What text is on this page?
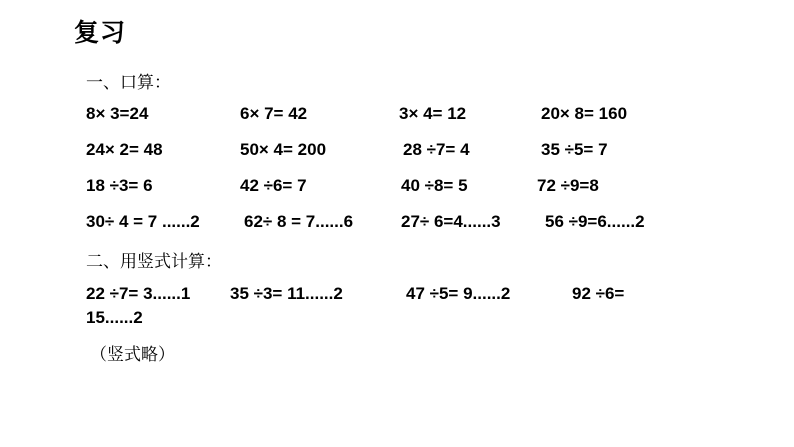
复习
一、口算：
8× 3=24	6× 7= 42	3× 4= 12	20× 8= 160
24× 2= 48	50× 4= 200	28 ÷7= 4	35 ÷5= 7
18 ÷3= 6	42 ÷6= 7	40 ÷8= 5	72 ÷9=8
30÷ 4 = 7 ......2	62÷ 8 = 7......6	27÷ 6=4......3	56 ÷9=6......2
二、用竖式计算：
22 ÷7= 3......1 35 ÷3= 11......2	47 ÷5= 9......2	92 ÷6=
15......2
（竖式略）
